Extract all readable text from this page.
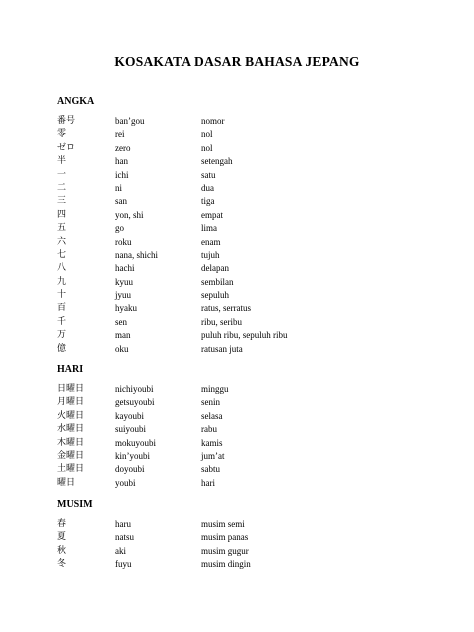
KOSAKATA DASAR BAHASA JEPANG
ANGKA
番号	ban’gou	nomor
零	rei	nol
ゼロ	zero	nol
半	han	setengah
一	ichi	satu
二	ni	dua
三	san	tiga
四	yon, shi	empat
五	go	lima
六	roku	enam
七	nana, shichi	tujuh
八	hachi	delapan
九	kyuu	sembilan
十	jyuu	sepuluh
百	hyaku	ratus, serratus
千	sen	ribu, seribu
万	man	puluh ribu, sepuluh ribu
億	oku	ratusan juta
HARI
日曜日	nichiyoubi	minggu
月曜日	getsuyoubi	senin
火曜日	kayoubi	selasa
水曜日	suiyoubi	rabu
木曜日	mokuyoubi	kamis
金曜日	kin’youbi	jum’at
土曜日	doyoubi	sabtu
曜日	youbi	hari
MUSIM
春	haru	musim semi
夏	natsu	musim panas
秋	aki	musim gugur
冬	fuyu	musim dingin
